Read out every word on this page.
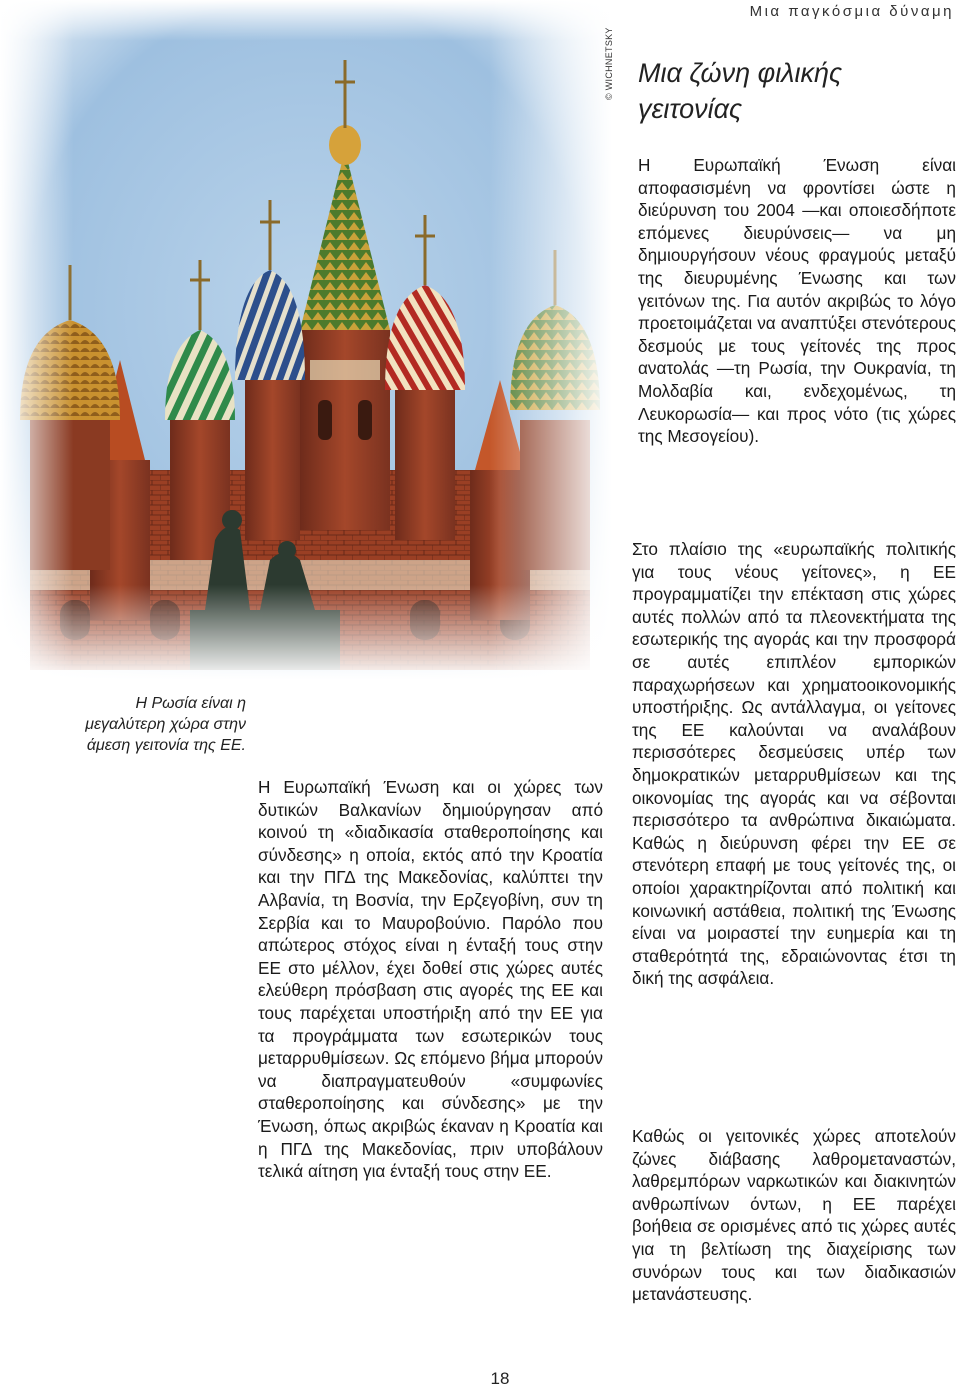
Μια παγκόσμια δύναμη
© WICHNETSKY Μια ζώνη φιλικής γειτονίας

Η Ευρωπαϊκή Ένωση είναι αποφασισμένη να φροντίσει ώστε η διεύρυνση του 2004 —και οποιεσδήποτε επόμενες διευρύνσεις— να μη δημιουργήσουν νέους φραγμούς μεταξύ της διευρυμένης Ένωσης και των γειτόνων της. Για αυτόν ακριβώς το λόγο προετοιμάζεται να αναπτύξει στενότερους δεσμούς με τους γείτονές της προς ανατολάς —τη Ρωσία, την Ουκρανία, τη Μολδαβία και, ενδεχομένως, τη Λευκορωσία— και προς νότο (τις χώρες της Μεσογείου).

Η Ρωσία είναι η μεγαλύτερη χώρα στην άμεση γειτονία της ΕΕ.

Η Ευρωπαϊκή Ένωση και οι χώρες των δυτικών Βαλκανίων δημιούργησαν από κοινού τη «διαδικασία σταθεροποίησης και σύνδεσης» η οποία, εκτός από την Κροατία και την ΠΓΔ της Μακεδονίας, καλύπτει την Αλβανία, τη Βοσνία, την Ερζεγοβίνη, συν τη Σερβία και το Μαυροβούνιο. Παρόλο που απώτερος στόχος είναι η ένταξή τους στην ΕΕ στο μέλλον, έχει δοθεί στις χώρες αυτές ελεύθερη πρόσβαση στις αγορές της ΕΕ και τους παρέχεται υποστήριξη από την ΕΕ για τα προγράμματα των εσωτερικών τους μεταρρυθμίσεων. Ως επόμενο βήμα μπορούν να διαπραγματευθούν «συμφωνίες σταθεροποίησης και σύνδεσης» με την Ένωση, όπως ακριβώς έκαναν η Κροατία και η ΠΓΔ της Μακεδονίας, πριν υποβάλουν τελικά αίτηση για ένταξή τους στην ΕΕ.

Στο πλαίσιο της «ευρωπαϊκής πολιτικής για τους νέους γείτονες», η ΕΕ προγραμματίζει την επέκταση στις χώρες αυτές πολλών από τα πλεονεκτήματα της εσωτερικής της αγοράς και την προσφορά σε αυτές επιπλέον εμπορικών παραχωρήσεων και χρηματοοικονομικής υποστήριξης. Ως αντάλλαγμα, οι γείτονες της ΕΕ καλούνται να αναλάβουν περισσότερες δεσμεύσεις υπέρ των δημοκρατικών μεταρρυθμίσεων και της οικονομίας της αγοράς και να σέβονται περισσότερο τα ανθρώπινα δικαιώματα. Καθώς η διεύρυνση φέρει την ΕΕ σε στενότερη επαφή με τους γείτονές της, οι οποίοι χαρακτηρίζονται από πολιτική και κοινωνική αστάθεια, πολιτική της Ένωσης είναι να μοιραστεί την ευημερία και τη σταθερότητά της, εδραιώνοντας έτσι τη δική της ασφάλεια.

Καθώς οι γειτονικές χώρες αποτελούν ζώνες διάβασης λαθρομεταναστών, λαθρεμπόρων ναρκωτικών και διακινητών ανθρωπίνων όντων, η ΕΕ παρέχει βοήθεια σε ορισμένες από τις χώρες αυτές για τη βελτίωση της διαχείρισης των συνόρων τους και των διαδικασιών μετανάστευσης.

18
